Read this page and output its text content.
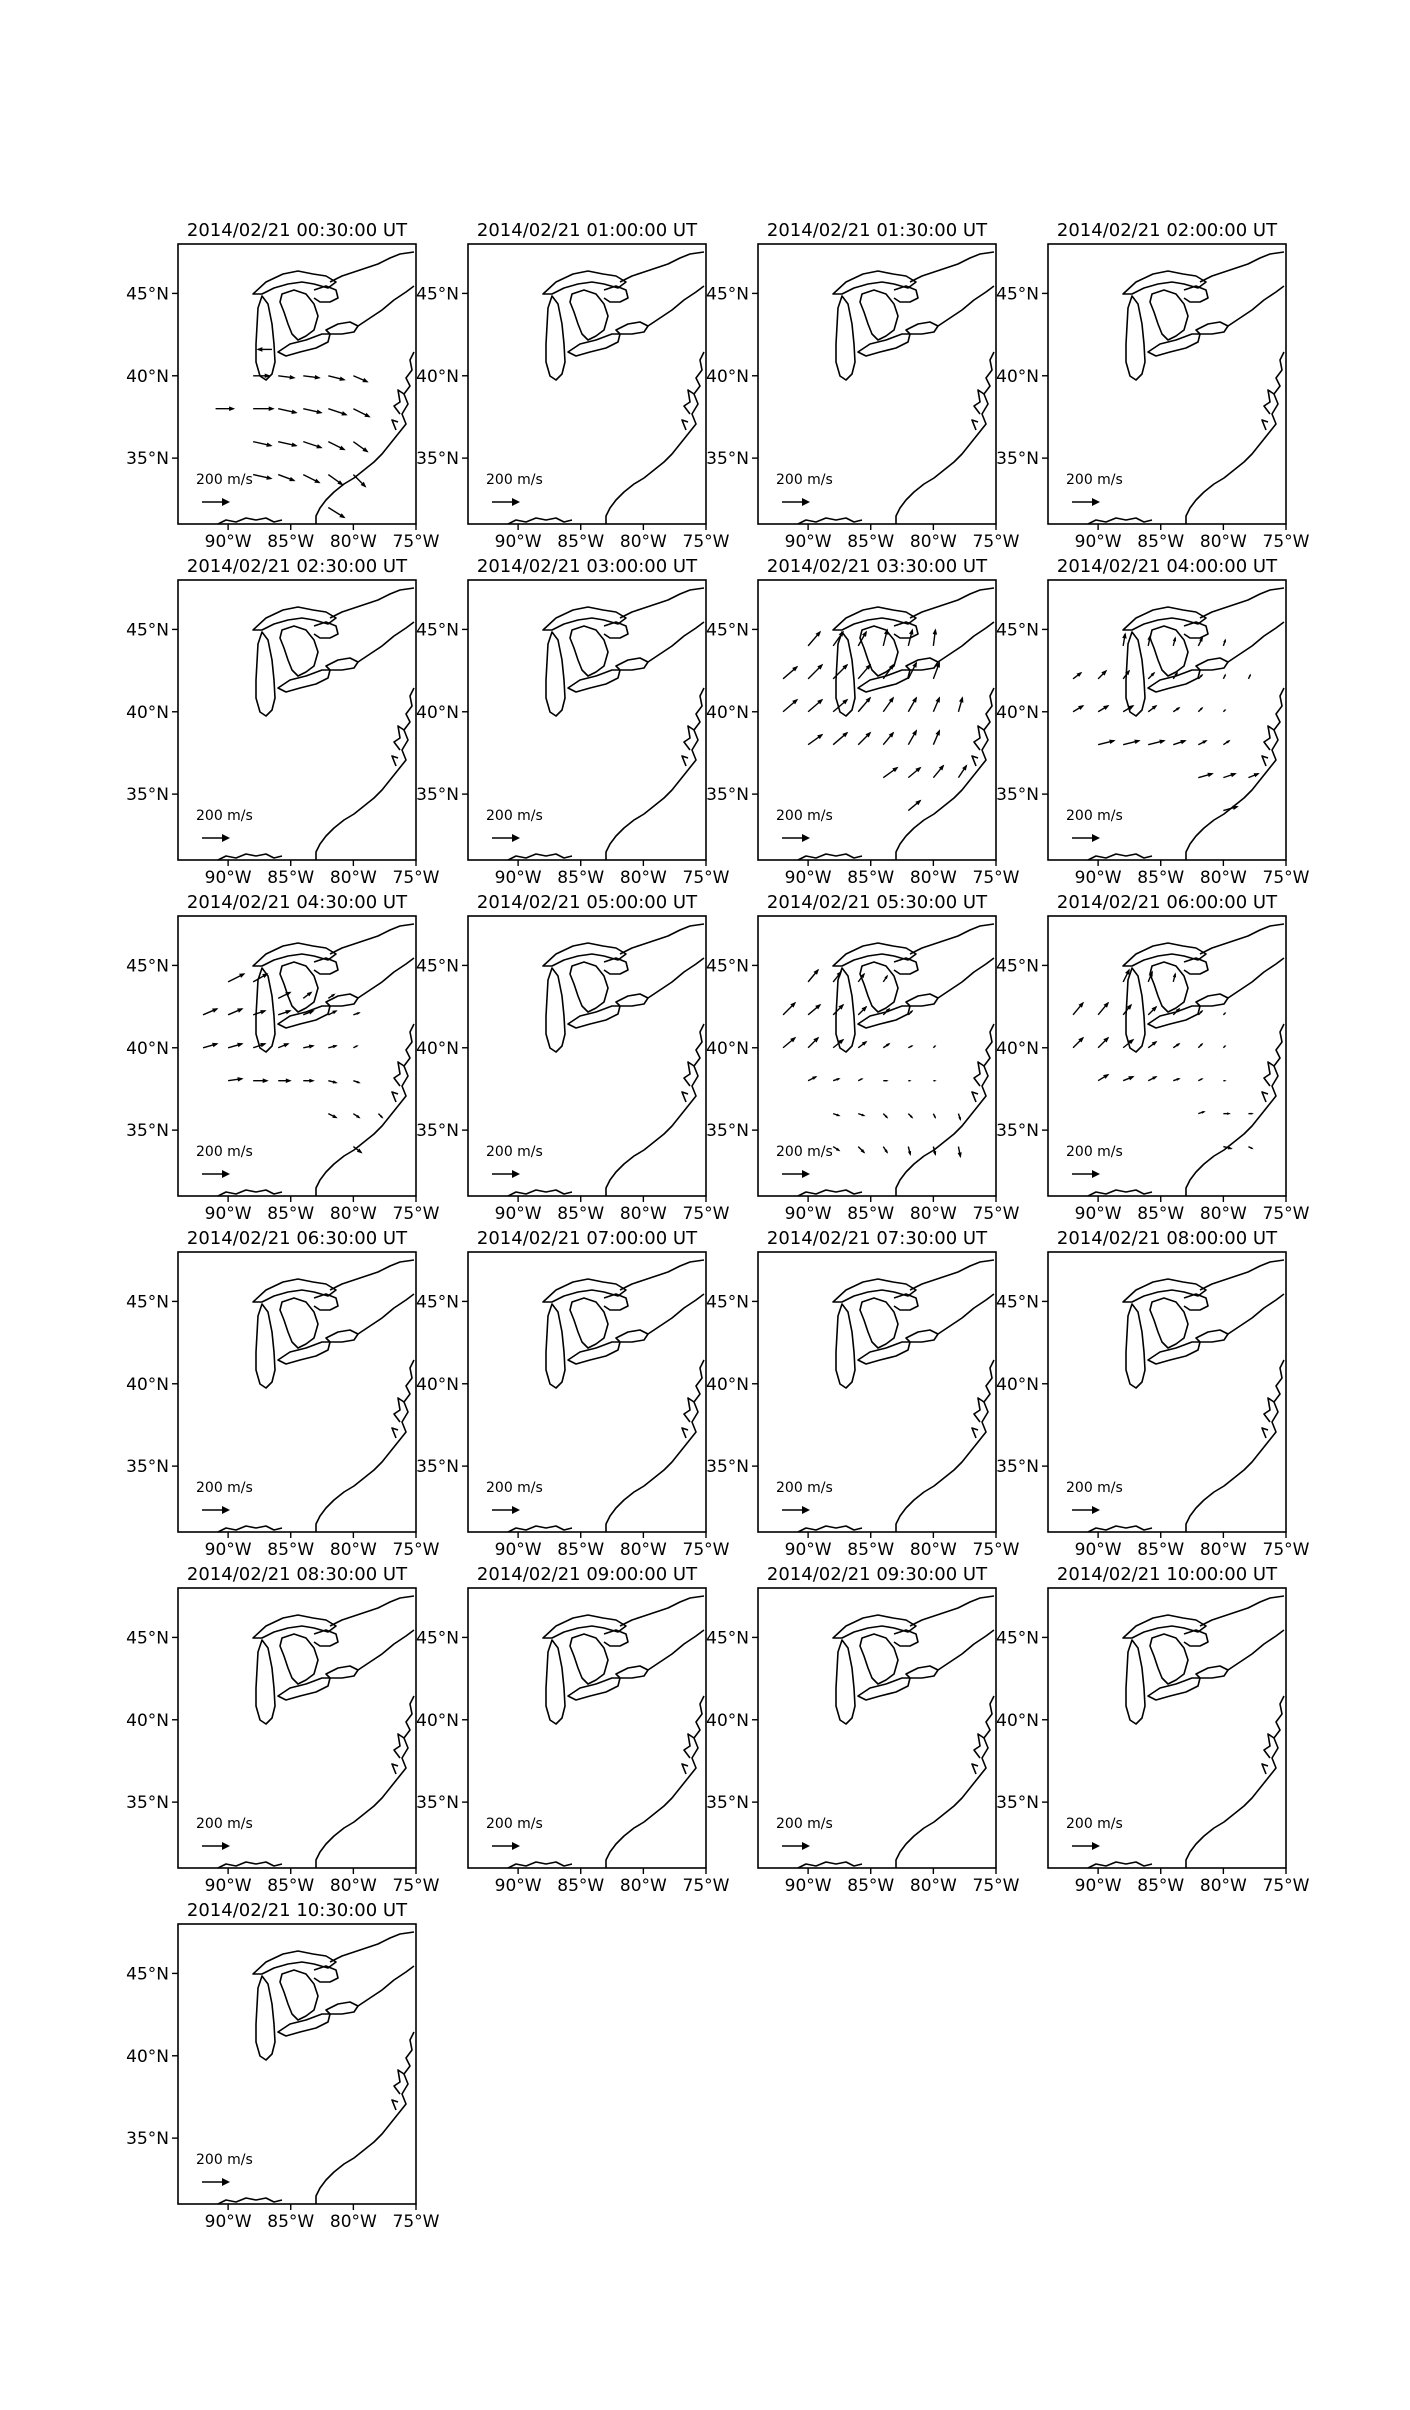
2014/02/21 00:30:00 UT
90°W 85°W 80°W 75°W
45°N
40°N
35°N
200 m/s
2014/02/21 01:00:00 UT
90°W 85°W 80°W 75°W
45°N
40°N
35°N
200 m/s
2014/02/21 01:30:00 UT
90°W 85°W 80°W 75°W
45°N
40°N
35°N
200 m/s
2014/02/21 02:00:00 UT
90°W 85°W 80°W 75°W
45°N
40°N
35°N
200 m/s
2014/02/21 02:30:00 UT
90°W 85°W 80°W 75°W
45°N
40°N
35°N
200 m/s
2014/02/21 03:00:00 UT
90°W 85°W 80°W 75°W
45°N
40°N
35°N
200 m/s
2014/02/21 03:30:00 UT
90°W 85°W 80°W 75°W
45°N
40°N
35°N
200 m/s
2014/02/21 04:00:00 UT
90°W 85°W 80°W 75°W
45°N
40°N
35°N
200 m/s
2014/02/21 04:30:00 UT
90°W 85°W 80°W 75°W
45°N
40°N
35°N
200 m/s
2014/02/21 05:00:00 UT
90°W 85°W 80°W 75°W
45°N
40°N
35°N
200 m/s
2014/02/21 05:30:00 UT
90°W 85°W 80°W 75°W
45°N
40°N
35°N
200 m/s
2014/02/21 06:00:00 UT
90°W 85°W 80°W 75°W
45°N
40°N
35°N
200 m/s
2014/02/21 06:30:00 UT
90°W 85°W 80°W 75°W
45°N
40°N
35°N
200 m/s
2014/02/21 07:00:00 UT
90°W 85°W 80°W 75°W
45°N
40°N
35°N
200 m/s
2014/02/21 07:30:00 UT
90°W 85°W 80°W 75°W
45°N
40°N
35°N
200 m/s
2014/02/21 08:00:00 UT
90°W 85°W 80°W 75°W
45°N
40°N
35°N
200 m/s
2014/02/21 08:30:00 UT
90°W 85°W 80°W 75°W
45°N
40°N
35°N
200 m/s
2014/02/21 09:00:00 UT
90°W 85°W 80°W 75°W
45°N
40°N
35°N
200 m/s
2014/02/21 09:30:00 UT
90°W 85°W 80°W 75°W
45°N
40°N
35°N
200 m/s
2014/02/21 10:00:00 UT
90°W 85°W 80°W 75°W
45°N
40°N
35°N
200 m/s
2014/02/21 10:30:00 UT
90°W 85°W 80°W 75°W
45°N
40°N
35°N
200 m/s
